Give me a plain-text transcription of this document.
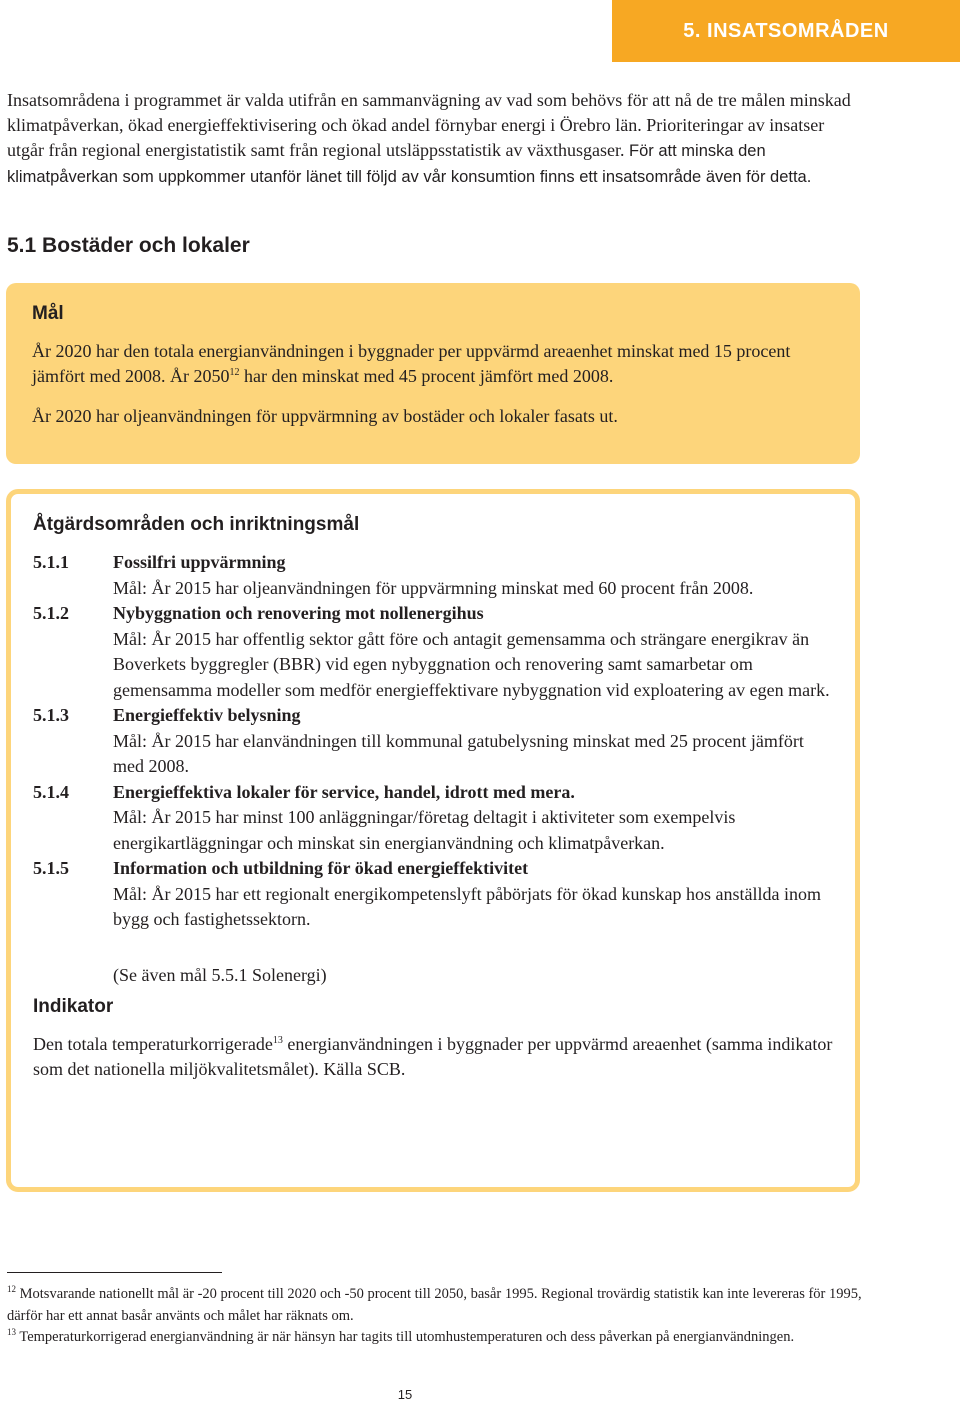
5. INSATSOMRÅDEN

Insatsområdena i programmet är valda utifrån en sammanvägning av vad som behövs för att nå de tre målen minskad klimatpåverkan, ökad energieffektivisering och ökad andel förnybar energi i Örebro län. Prioriteringar av insatser utgår från regional energistatistik samt från regional utsläppsstatistik av växthusgaser. För att minska den klimatpåverkan som uppkommer utanför länet till följd av vår konsumtion finns ett insatsområde även för detta.

5.1 Bostäder och lokaler
Mål

År 2020 har den totala energianvändningen i byggnader per uppvärmd areaenhet minskat med 15 procent jämfört med 2008. År 2050$^{12}$ har den minskat med 45 procent jämfört med 2008.

År 2020 har oljeanvändningen för uppvärmning av bostäder och lokaler fasats ut.

Åtgärdsområden och inriktningsmål
5.1.1	Fossilfri uppvärmning
Mål: År 2015 har oljeanvändningen för uppvärmning minskat med 60 procent från 2008.
5.1.2	Nybyggnation och renovering mot nollenergihus
Mål: År 2015 har offentlig sektor gått före och antagit gemensamma och strängare energikrav än Boverkets byggregler (BBR) vid egen nybyggnation och renovering samt samarbetar om gemensamma modeller som medför energieffektivare nybyggnation vid exploatering av egen mark.
5.1.3	Energieffektiv belysning
Mål: År 2015 har elanvändningen till kommunal gatubelysning minskat med 25 procent jämfört med 2008.
5.1.4	Energieffektiva lokaler för service, handel, idrott med mera.
Mål: År 2015 har minst 100 anläggningar/företag deltagit i aktiviteter som exempelvis energikartläggningar och minskat sin energianvändning och klimatpåverkan.
5.1.5	Information och utbildning för ökad energieffektivitet
Mål: År 2015 har ett regionalt energikompetenslyft påbörjats för ökad kunskap hos anställda inom bygg och fastighetssektorn.
(Se även mål 5.5.1 Solenergi)
Indikator

Den totala temperaturkorrigerade$^{13}$ energianvändningen i byggnader per uppvärmd areaenhet (samma indikator som det nationella miljökvalitetsmålet). Källa SCB.

$^{12}$ Motsvarande nationellt mål är -20 procent till 2020 och -50 procent till 2050, basår 1995. Regional trovärdig statistik kan inte levereras för 1995, därför har ett annat basår använts och målet har räknats om.

$^{13}$ Temperaturkorrigerad energianvändning är när hänsyn har tagits till utomhustemperaturen och dess påverkan på energianvändningen.

15
